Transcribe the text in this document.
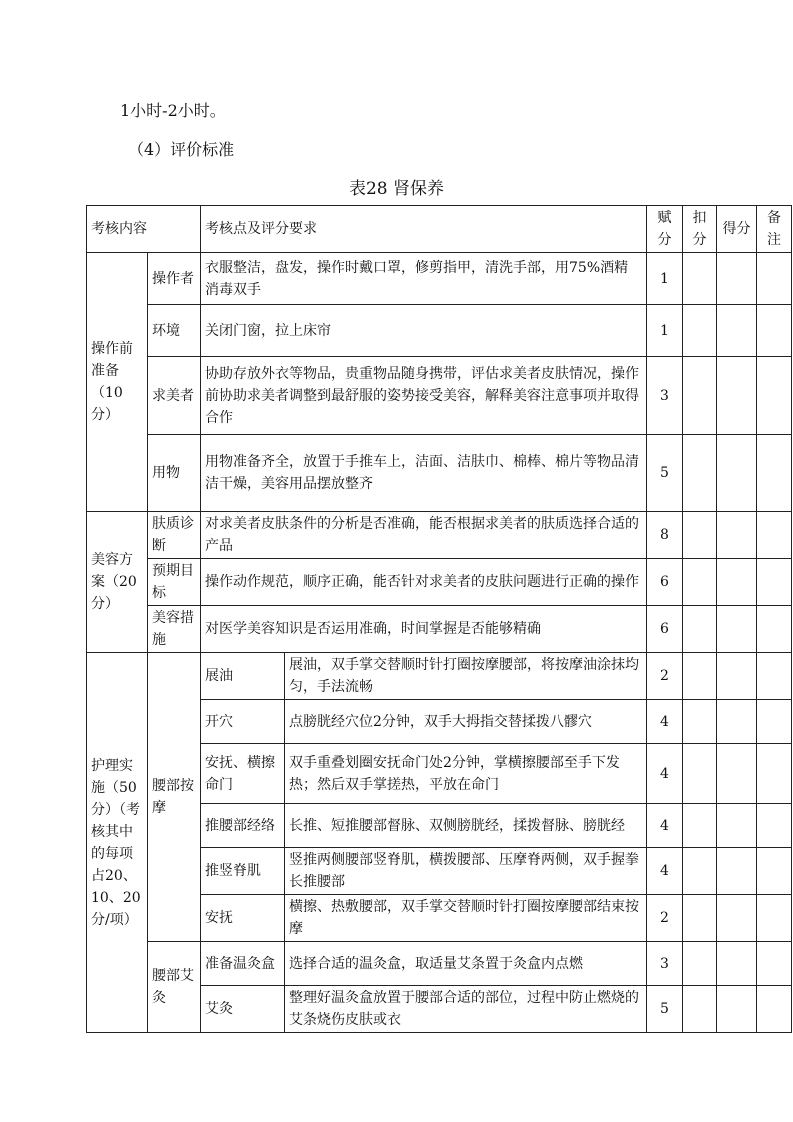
1小时-2小时。
（4）评价标准
表28 肾保养
考核内容		考核点及评分要求		赋分	扣分	得分	备注
操作前准备（10分）	操作者	衣服整洁，盘发，操作时戴口罩，修剪指甲，清洗手部，用75%酒精消毒双手		1			
	环境	关闭门窗，拉上床帘		1			
	求美者	协助存放外衣等物品，贵重物品随身携带，评估求美者皮肤情况，操作前协助求美者调整到最舒服的姿势接受美容，解释美容注意事项并取得合作		3			
	用物	用物准备齐全，放置于手推车上，洁面、洁肤巾、棉棒、棉片等物品清洁干燥，美容用品摆放整齐		5			
美容方案（20分）	肤质诊断	对求美者皮肤条件的分析是否准确，能否根据求美者的肤质选择合适的产品		8			
	预期目标	操作动作规范，顺序正确，能否针对求美者的皮肤问题进行正确的操作		6			
	美容措施	对医学美容知识是否运用准确，时间掌握是否能够精确		6			
护理实施（50分）（考核其中的每项占20、10、20分/项）	腰部按摩	展油	展油，双手掌交替顺时针打圈按摩腰部，将按摩油涂抹均匀，手法流畅	2			
		开穴	点膀胱经穴位2分钟，双手大拇指交替揉拨八髎穴	4			
		安抚、横擦命门	双手重叠划圈安抚命门处2分钟，掌横擦腰部至手下发热；然后双手掌搓热，平放在命门	4			
		推腰部经络	长推、短推腰部督脉、双侧膀胱经，揉拨督脉、膀胱经	4			
		推竖脊肌	竖推两侧腰部竖脊肌，横拨腰部、压摩脊两侧，双手握拳长推腰部	4			
		安抚	横擦、热敷腰部，双手掌交替顺时针打圈按摩腰部结束按摩	2			
	腰部艾灸	准备温灸盒	选择合适的温灸盒，取适量艾条置于灸盒内点燃	3			
		艾灸	整理好温灸盒放置于腰部合适的部位，过程中防止燃烧的艾条烧伤皮肤或衣	5			
